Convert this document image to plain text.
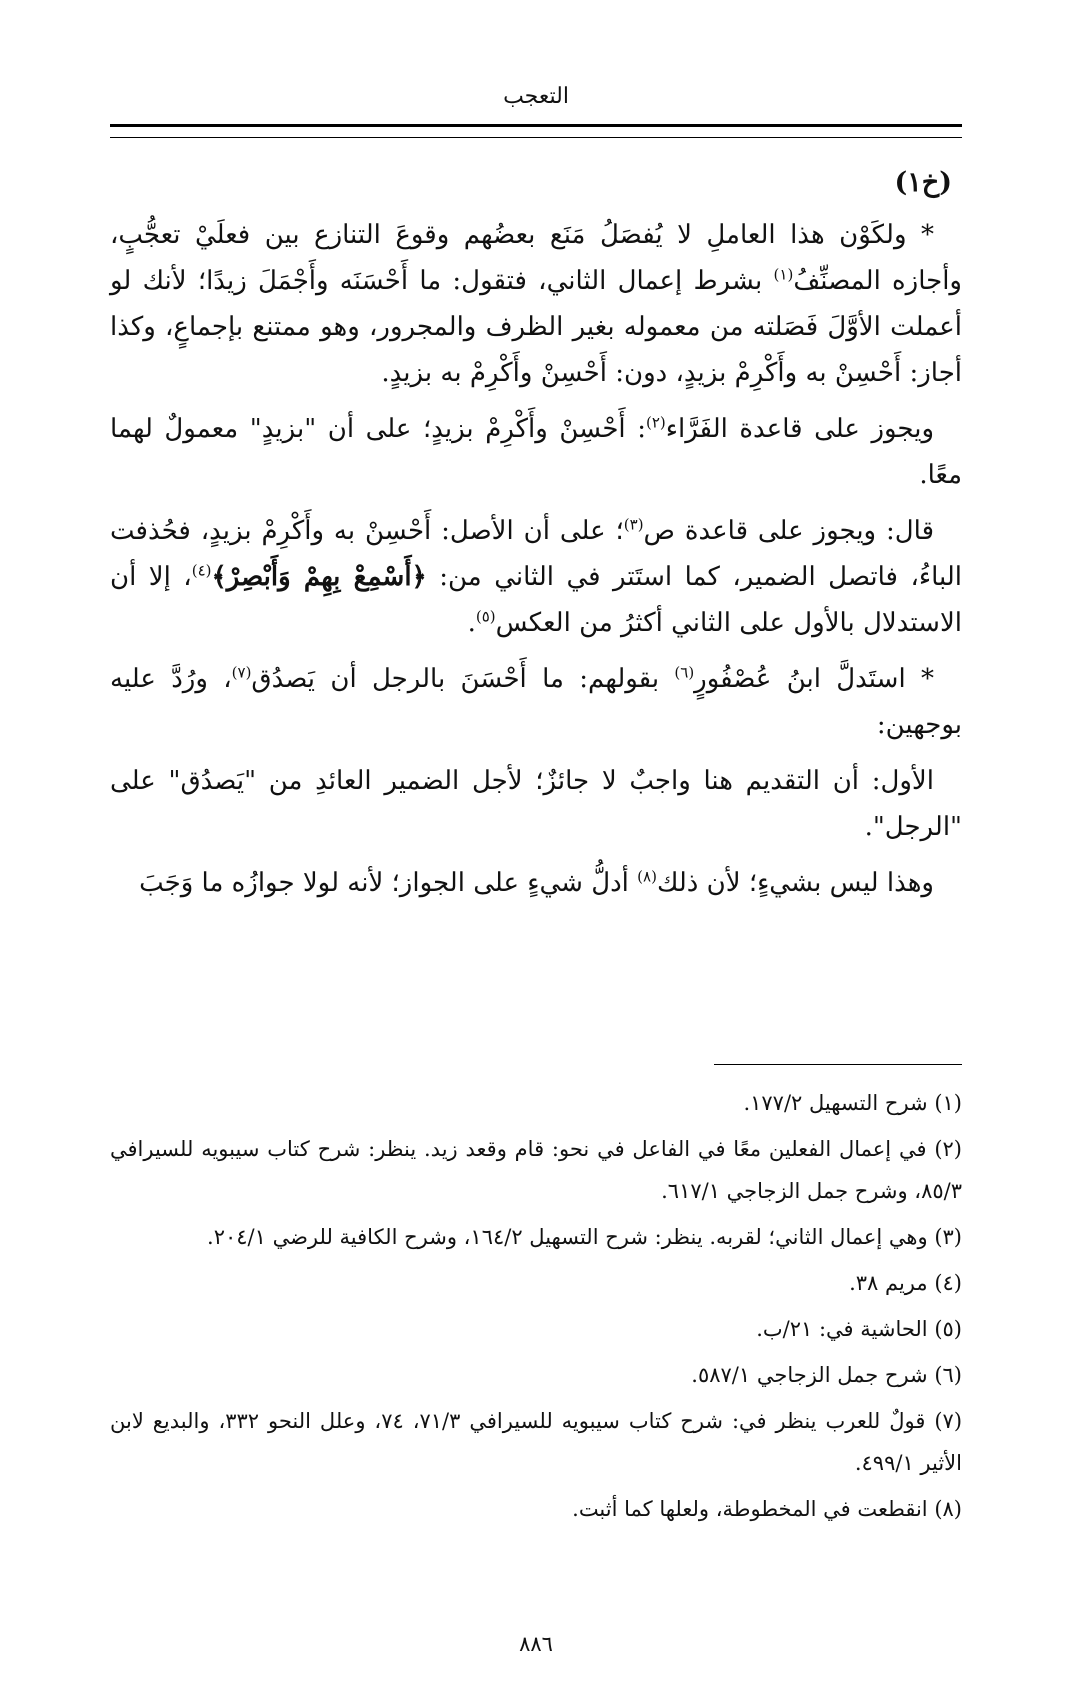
التعجب
(خ١)

* ولكَوْن هذا العاملِ لا يُفصَلُ مَنَع بعضُهم وقوعَ التنازع بين فعلَيْ تعجُّبٍ، وأجازه المصنِّفُ$^{(١)}$ بشرط إعمال الثاني، فتقول: ما أَحْسَنَه وأَجْمَلَ زيدًا؛ لأنك لو أعملت الأوَّلَ فَصَلته من معموله بغير الظرف والمجرور، وهو ممتنع بإجماعٍ، وكذا أجاز: أَحْسِنْ به وأَكْرِمْ بزيدٍ، دون: أَحْسِنْ وأَكْرِمْ به بزيدٍ.

ويجوز على قاعدة الفَرَّاء$^{(٢)}$: أَحْسِنْ وأَكْرِمْ بزيدٍ؛ على أن "بزيدٍ" معمولٌ لهما معًا.

قال: ويجوز على قاعدة ص$^{(٣)}$؛ على أن الأصل: أَحْسِنْ به وأَكْرِمْ بزيدٍ، فحُذفت الباءُ، فاتصل الضمير، كما استَتر في الثاني من: ﴿أَسْمِعْ بِهِمْ وَأَبْصِرْ﴾$^{(٤)}$، إلا أن الاستدلال بالأول على الثاني أكثرُ من العكس$^{(٥)}$.

* استَدلَّ ابنُ عُصْفُورٍ$^{(٦)}$ بقولهم: ما أَحْسَنَ بالرجل أن يَصدُق$^{(٧)}$، ورُدَّ عليه بوجهين:

الأول: أن التقديم هنا واجبٌ لا جائزٌ؛ لأجل الضمير العائدِ من "يَصدُق" على "الرجل".

وهذا ليس بشيءٍ؛ لأن ذلك$^{(٨)}$ أدلُّ شيءٍ على الجواز؛ لأنه لولا جوازُه ما وَجَبَ

(١) شرح التسهيل ١٧٧/٢.

(٢) في إعمال الفعلين معًا في الفاعل في نحو: قام وقعد زيد. ينظر: شرح كتاب سيبويه للسيرافي ٨٥/٣، وشرح جمل الزجاجي ٦١٧/١.

(٣) وهي إعمال الثاني؛ لقربه. ينظر: شرح التسهيل ١٦٤/٢، وشرح الكافية للرضي ٢٠٤/١.

(٤) مريم ٣٨.

(٥) الحاشية في: ٢١/ب.

(٦) شرح جمل الزجاجي ٥٨٧/١.

(٧) قولٌ للعرب ينظر في: شرح كتاب سيبويه للسيرافي ٧١/٣، ٧٤، وعلل النحو ٣٣٢، والبديع لابن الأثير ٤٩٩/١.

(٨) انقطعت في المخطوطة، ولعلها كما أثبت.

٨٨٦
